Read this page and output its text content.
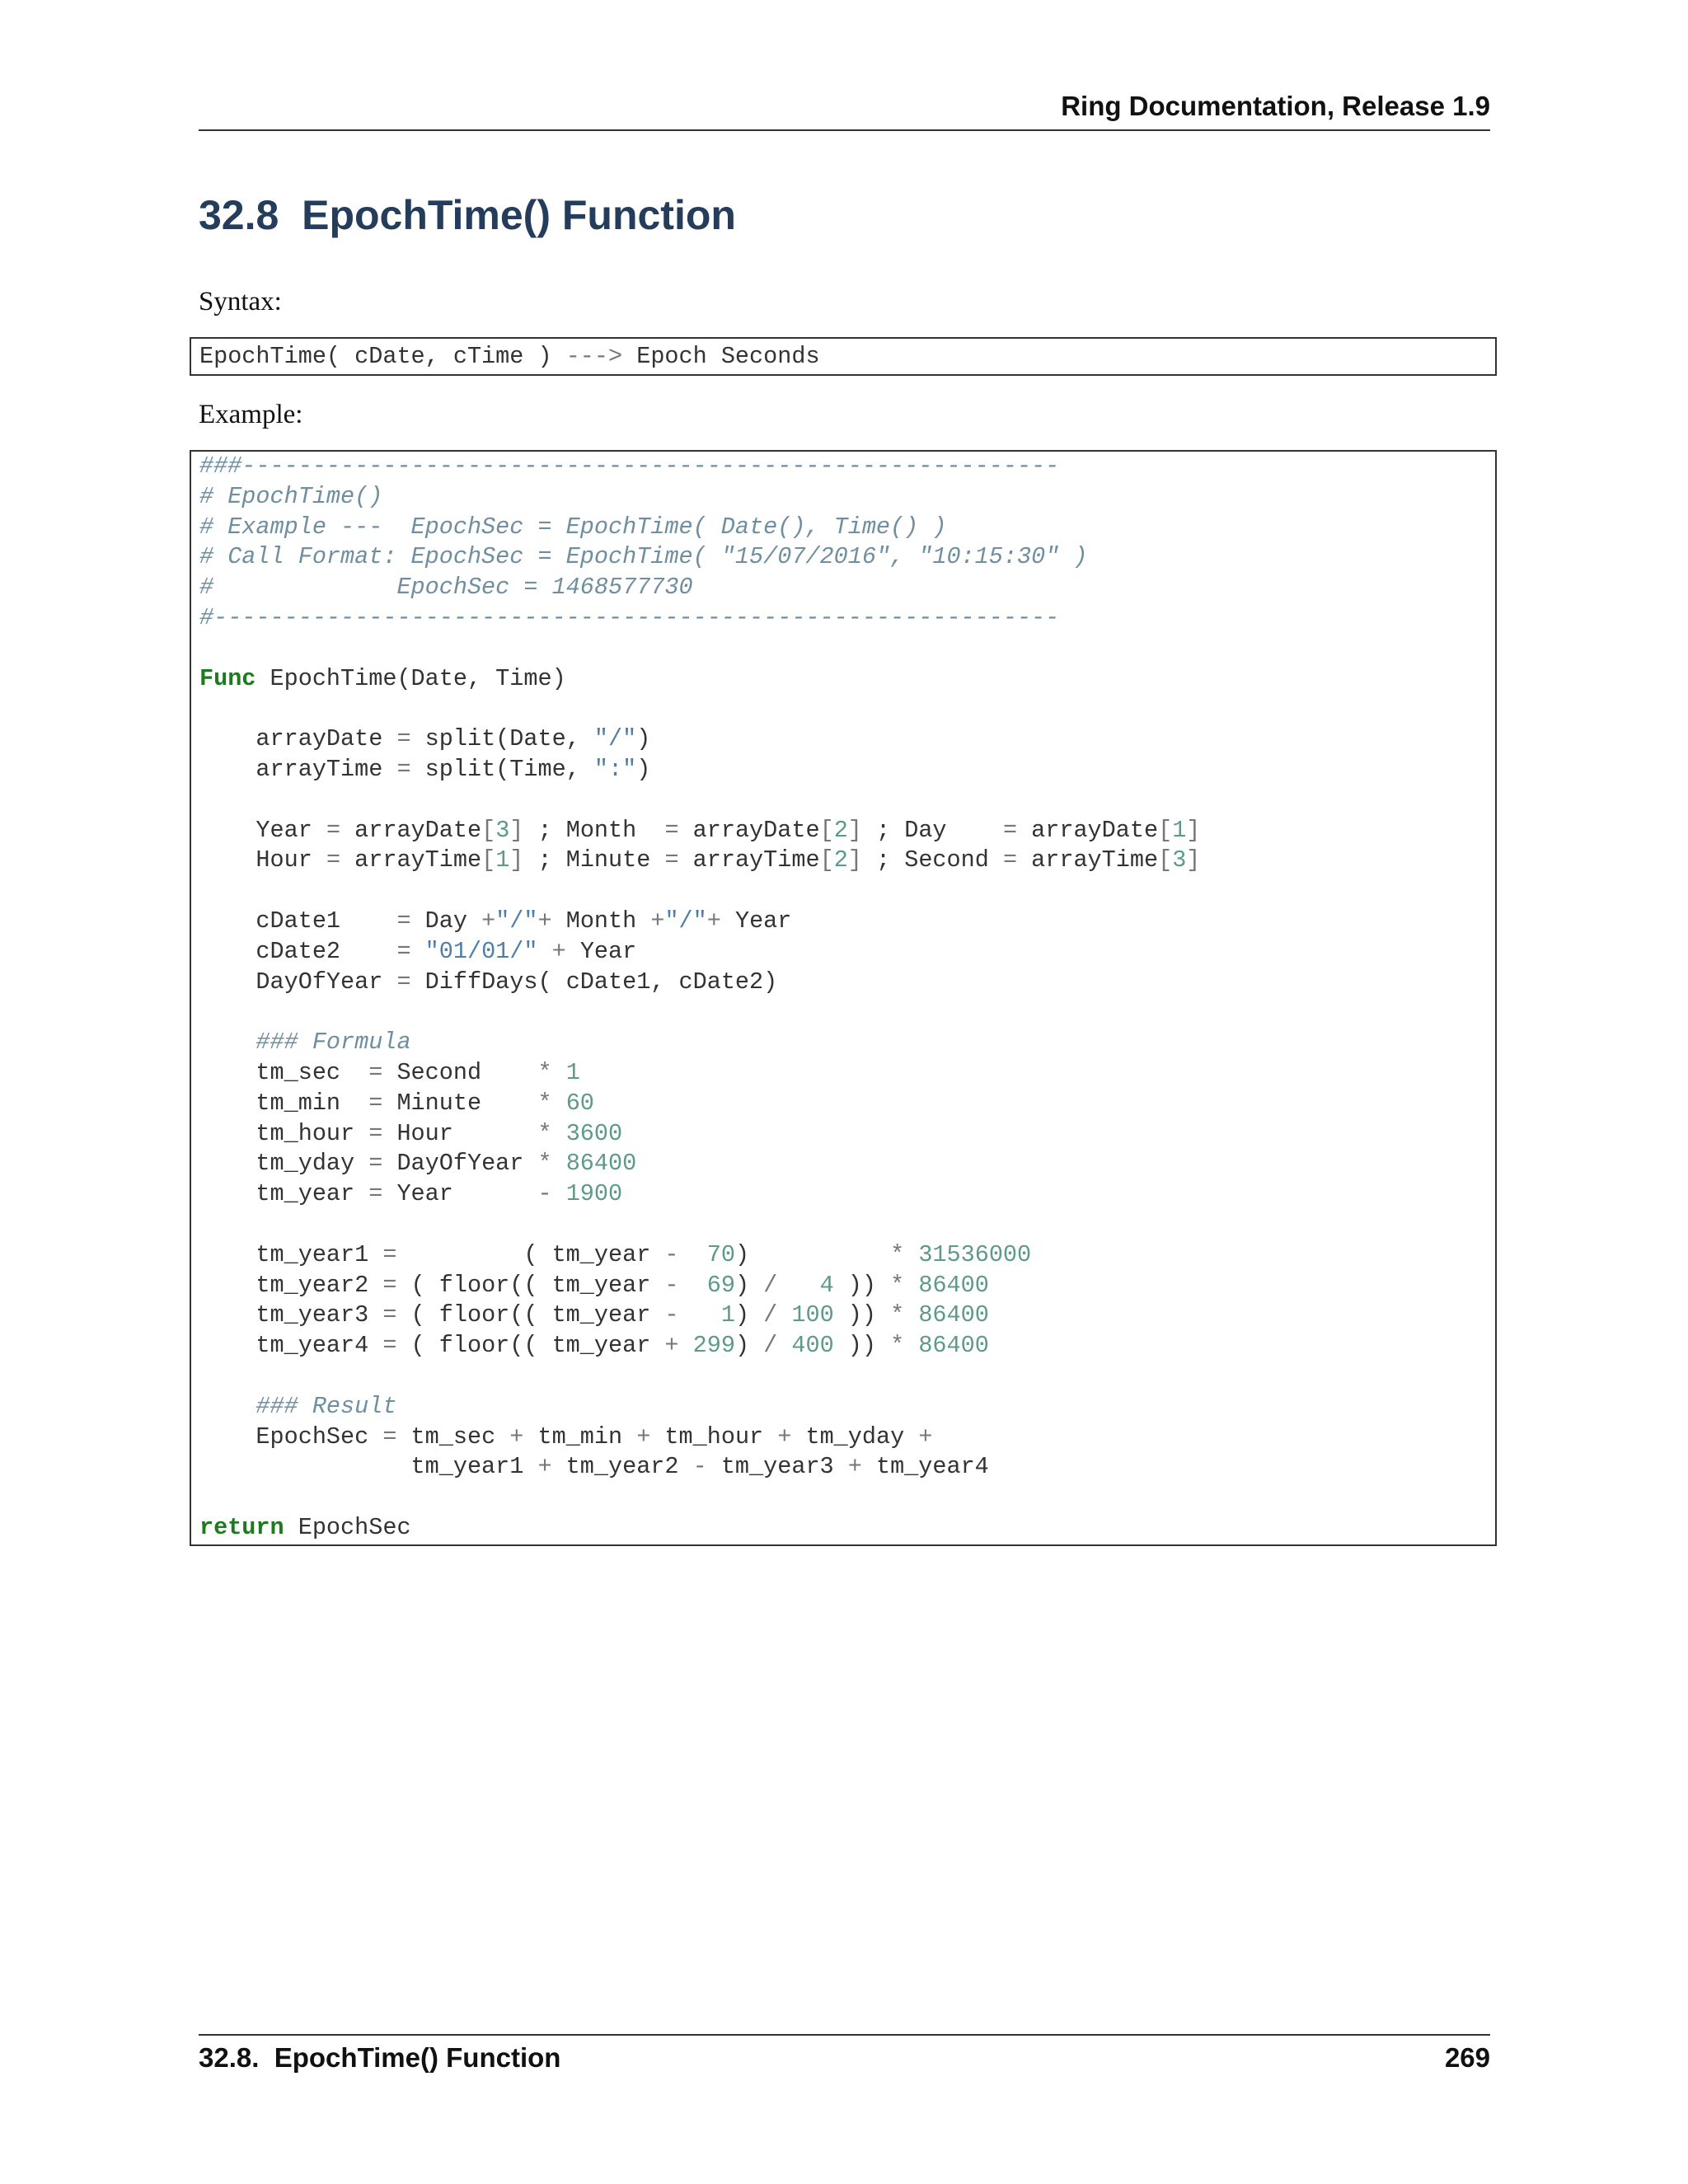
Ring Documentation, Release 1.9
32.8  EpochTime() Function
Syntax:
EpochTime( cDate, cTime ) ---> Epoch Seconds
Example:
###----------------------------------------------------------
# EpochTime()
# Example ---  EpochSec = EpochTime( Date(), Time() )
# Call Format: EpochSec = EpochTime( "15/07/2016", "10:15:30" )
#             EpochSec = 1468577730
#------------------------------------------------------------

Func EpochTime(Date, Time)

arrayDate = split(Date, "/")
arrayTime = split(Time, ":")

Year = arrayDate[3] ; Month  = arrayDate[2] ; Day    = arrayDate[1]
Hour = arrayTime[1] ; Minute = arrayTime[2] ; Second = arrayTime[3]

cDate1    = Day +"/"+ Month +"/"+ Year
cDate2    = "01/01/" + Year
DayOfYear = DiffDays( cDate1, cDate2)

### Formula
tm_sec  = Second    * 1
tm_min  = Minute    * 60
tm_hour = Hour      * 3600
tm_yday = DayOfYear * 86400
tm_year = Year      - 1900

tm_year1 =         ( tm_year - 70)          * 31536000
tm_year2 = ( floor(( tm_year - 69) / 4 )) * 86400
tm_year3 = ( floor(( tm_year - 1) / 100 )) * 86400
tm_year4 = ( floor(( tm_year + 299) / 400 )) * 86400

### Result
EpochSec = tm_sec + tm_min + tm_hour + tm_yday +
tm_year1 + tm_year2 - tm_year3 + tm_year4

return EpochSec
32.8.  EpochTime() Function	269
